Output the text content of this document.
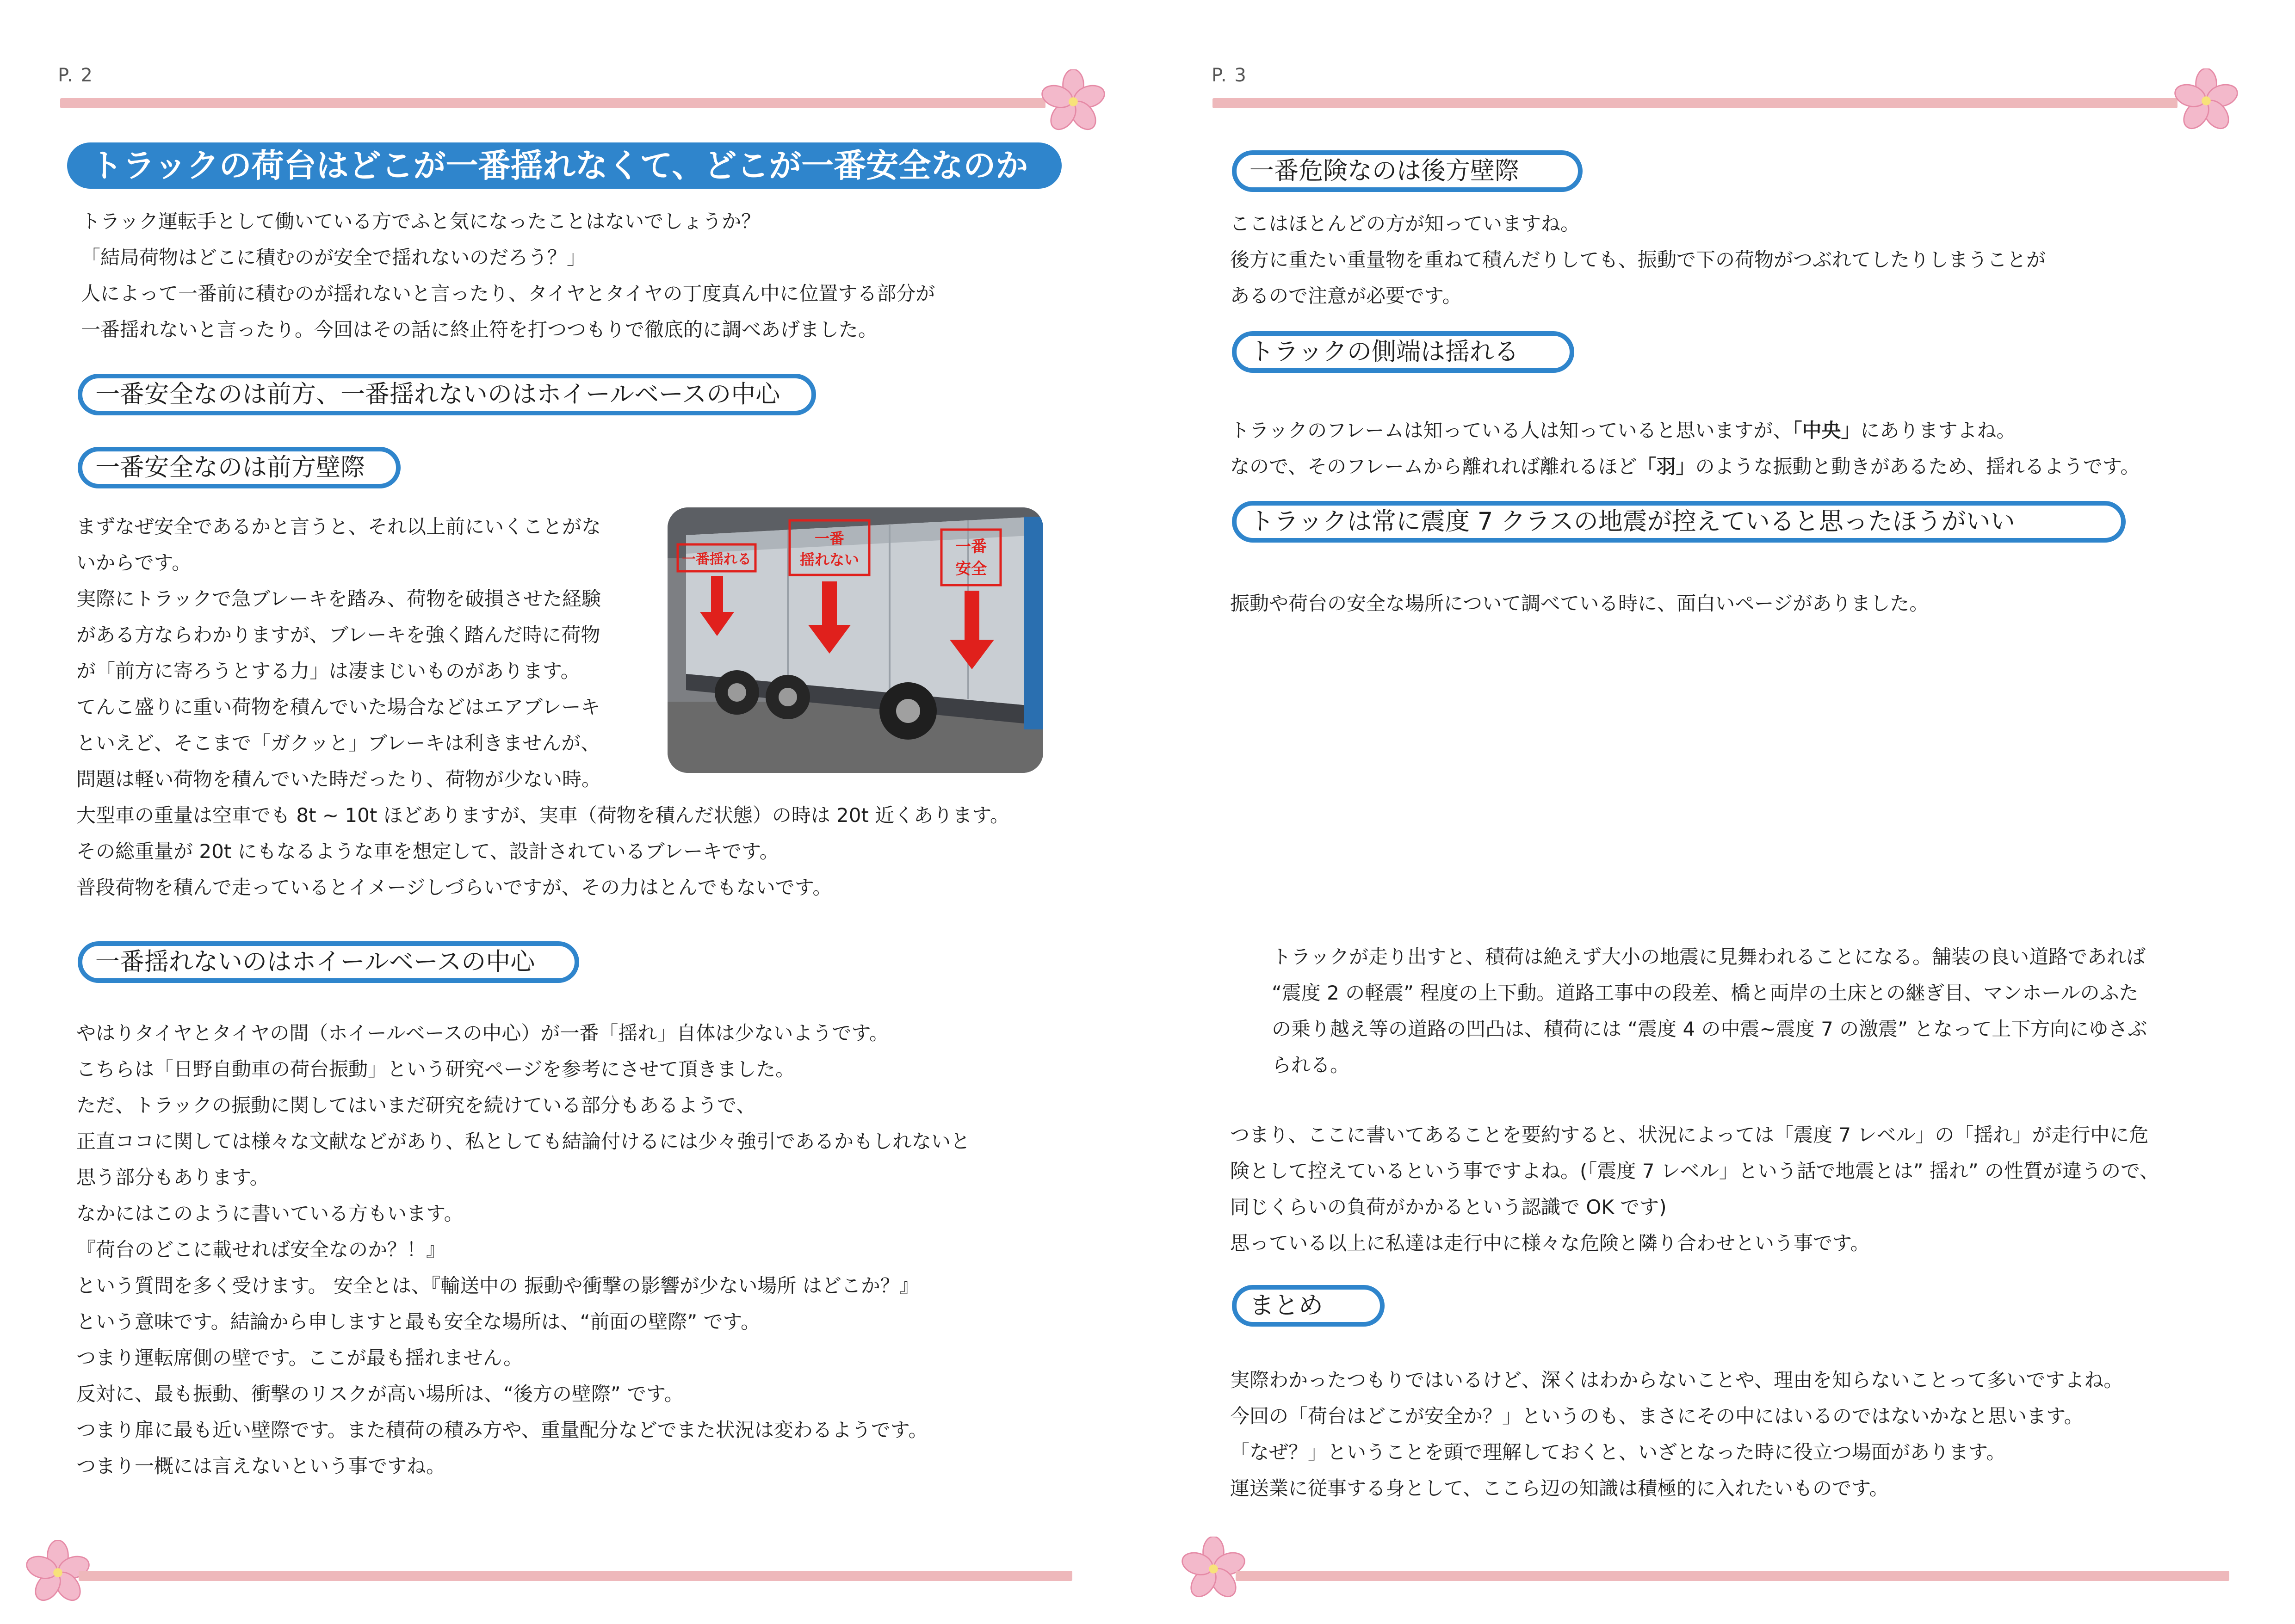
P. 2
トラックの荷台はどこが一番揺れなくて、どこが一番安全なのか

トラック運転手として働いている方でふと気になったことはないでしょうか？

「結局荷物はどこに積むのが安全で揺れないのだろう？」

人によって一番前に積むのが揺れないと言ったり、タイヤとタイヤの丁度真ん中に位置する部分が

一番揺れないと言ったり。今回はその話に終止符を打つつもりで徹底的に調べあげました。

一番安全なのは前方、一番揺れないのはホイールベースの中心
一番安全なのは前方壁際

まずなぜ安全であるかと言うと、それ以上前にいくことがな

いからです。

実際にトラックで急ブレーキを踏み、荷物を破損させた経験

がある方ならわかりますが、ブレーキを強く踏んだ時に荷物

が「前方に寄ろうとする力」は凄まじいものがあります。

てんこ盛りに重い荷物を積んでいた場合などはエアブレーキ

といえど、そこまで「ガクッと」ブレーキは利きませんが、

問題は軽い荷物を積んでいた時だったり、荷物が少ない時。

大型車の重量は空車でも 8t ~ 10t ほどありますが、実車（荷物を積んだ状態）の時は 20t 近くあります。

その総重量が 20t にもなるような車を想定して、設計されているブレーキです。

普段荷物を積んで走っているとイメージしづらいですが、その力はとんでもないです。

一番揺れる
一番
揺れない
一番
安全
一番揺れないのはホイールベースの中心

やはりタイヤとタイヤの間（ホイールベースの中心）が一番「揺れ」自体は少ないようです。

こちらは「日野自動車の荷台振動」という研究ページを参考にさせて頂きました。

ただ、トラックの振動に関してはいまだ研究を続けている部分もあるようで、

正直ココに関しては様々な文献などがあり、私としても結論付けるには少々強引であるかもしれないと

思う部分もあります。

なかにはこのように書いている方もいます。

『荷台のどこに載せれば安全なのか？！』

という質問を多く受けます。 安全とは、『輸送中の 振動や衝撃の影響が少ない場所 はどこか？』

という意味です。結論から申しますと最も安全な場所は、“前面の壁際” です。

つまり運転席側の壁です。ここが最も揺れません。

反対に、最も振動、衝撃のリスクが高い場所は、“後方の壁際” です。

つまり扉に最も近い壁際です。また積荷の積み方や、重量配分などでまた状況は変わるようです。

つまり一概には言えないという事ですね。

P. 3
一番危険なのは後方壁際

ここはほとんどの方が知っていますね。

後方に重たい重量物を重ねて積んだりしても、振動で下の荷物がつぶれてしたりしまうことが

あるので注意が必要です。

トラックの側端は揺れる

トラックのフレームは知っている人は知っていると思いますが、「中央」にありますよね。

なので、そのフレームから離れれば離れるほど「羽」のような振動と動きがあるため、揺れるようです。

トラックは常に震度 7 クラスの地震が控えていると思ったほうがいい

振動や荷台の安全な場所について調べている時に、面白いページがありました。

トラックが走り出すと、積荷は絶えず大小の地震に見舞われることになる。舗装の良い道路であれば

“震度 2 の軽震” 程度の上下動。道路工事中の段差、橋と両岸の土床との継ぎ目、マンホールのふた

の乗り越え等の道路の凹凸は、積荷には “震度 4 の中震~震度 7 の激震” となって上下方向にゆさぶ

られる。

つまり、ここに書いてあることを要約すると、状況によっては「震度 7 レベル」の「揺れ」が走行中に危

険として控えているという事ですよね。(「震度 7 レベル」という話で地震とは” 揺れ” の性質が違うので、

同じくらいの負荷がかかるという認識で OK です)

思っている以上に私達は走行中に様々な危険と隣り合わせという事です。

まとめ

実際わかったつもりではいるけど、深くはわからないことや、理由を知らないことって多いですよね。

今回の「荷台はどこが安全か？」というのも、まさにその中にはいるのではないかなと思います。

「なぜ？」ということを頭で理解しておくと、いざとなった時に役立つ場面があります。

運送業に従事する身として、ここら辺の知識は積極的に入れたいものです。
